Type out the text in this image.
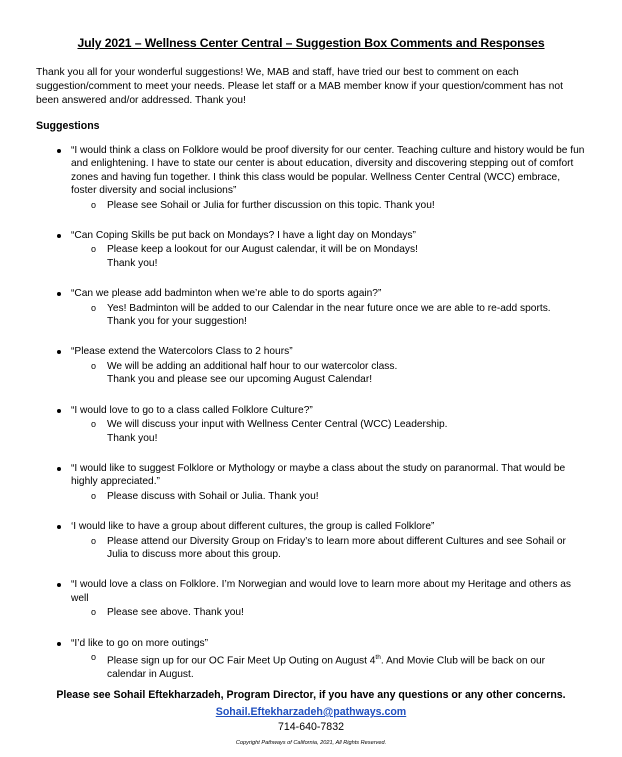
July 2021 – Wellness Center Central – Suggestion Box Comments and Responses

Thank you all for your wonderful suggestions! We, MAB and staff, have tried our best to comment on each suggestion/comment to meet your needs. Please let staff or a MAB member know if your question/comment has not been answered and/or addressed. Thank you!

Suggestions
“I would think a class on Folklore would be proof diversity for our center. Teaching culture and history would be fun and enlightening. I have to state our center is about education, diversity and discovering stepping out of comfort zones and having fun together. I think this class would be popular. Wellness Center Central (WCC) embrace, foster diversity and social inclusions”
o Please see Sohail or Julia for further discussion on this topic. Thank you!
“Can Coping Skills be put back on Mondays? I have a light day on Mondays”
o Please keep a lookout for our August calendar, it will be on Mondays!
Thank you!
“Can we please add badminton when we’re able to do sports again?”
o Yes! Badminton will be added to our Calendar in the near future once we are able to re-add sports.
Thank you for your suggestion!
“Please extend the Watercolors Class to 2 hours”
o We will be adding an additional half hour to our watercolor class.
Thank you and please see our upcoming August Calendar!
“I would love to go to a class called Folklore Culture?”
o We will discuss your input with Wellness Center Central (WCC) Leadership.
Thank you!
“I would like to suggest Folklore or Mythology or maybe a class about the study on paranormal. That would be highly appreciated.”
o Please discuss with Sohail or Julia. Thank you!
‘I would like to have a group about different cultures, the group is called Folklore”
o Please attend our Diversity Group on Friday’s to learn more about different Cultures and see Sohail or Julia to discuss more about this group.
“I would love a class on Folklore. I’m Norwegian and would love to learn more about my Heritage and others as well
o Please see above. Thank you!
“I’d like to go on more outings”
o Please sign up for our OC Fair Meet Up Outing on August 4th. And Movie Club will be back on our calendar in August.
Please see Sohail Eftekharzadeh, Program Director, if you have any questions or any other concerns.
Sohail.Eftekharzadeh@pathways.com
714-640-7832
Copyright Pathways of California, 2021, All Rights Reserved.
